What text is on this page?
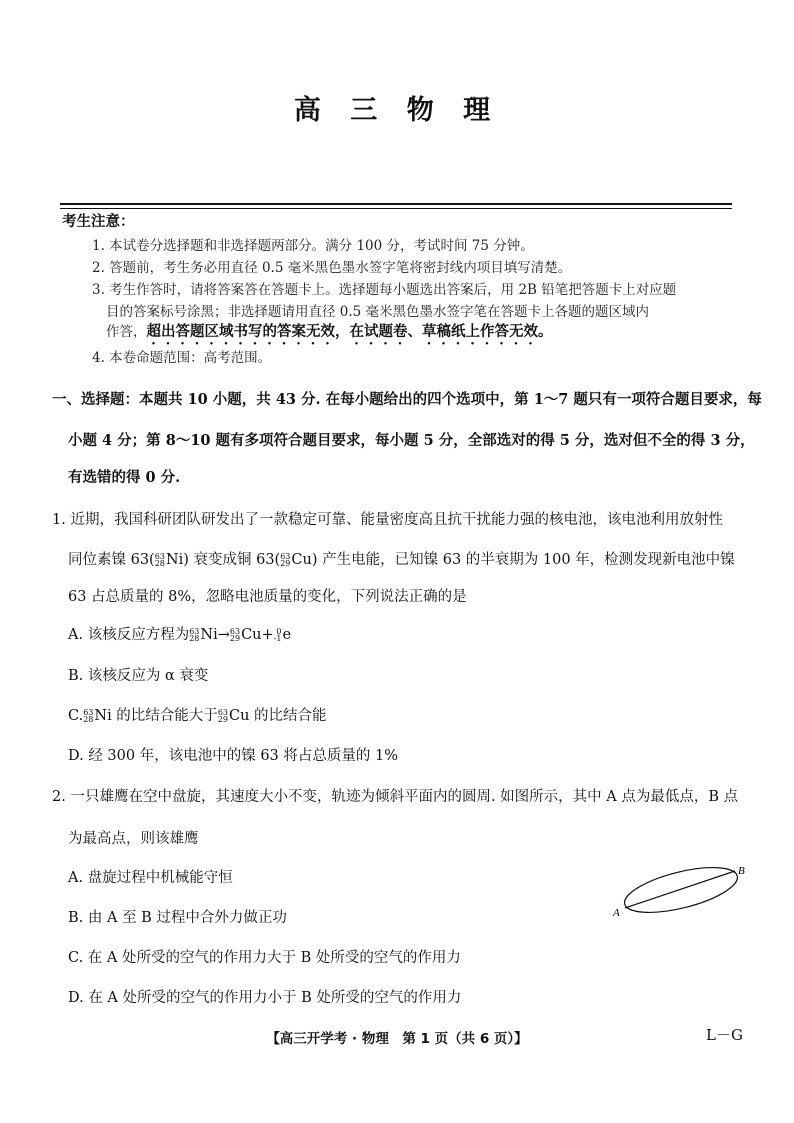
高 三 物 理
考生注意：
1. 本试卷分选择题和非选择题两部分。满分 100 分，考试时间 75 分钟。
2. 答题前，考生务必用直径 0.5 毫米黑色墨水签字笔将密封线内项目填写清楚。
3. 考生作答时，请将答案答在答题卡上。选择题每小题选出答案后，用 2B 铅笔把答题卡上对应题
目的答案标号涂黑；非选择题请用直径 0.5 毫米黑色墨水签字笔在答题卡上各题的题区域内
作答，超出答题区域书写的答案无效，在试题卷、草稿纸上作答无效。
4. 本卷命题范围：高考范围。
一、选择题：本题共 10 小题，共 43 分. 在每小题给出的四个选项中，第 1～7 题只有一项符合题目要求，每
小题 4 分；第 8～10 题有多项符合题目要求，每小题 5 分，全部选对的得 5 分，选对但不全的得 3 分，
有选错的得 0 分.
1. 近期，我国科研团队研发出了一款稳定可靠、能量密度高且抗干扰能力强的核电池，该电池利用放射性
同位素镍 63( 63
28 Ni) 衰变成铜 63( 63
29 Cu) 产生电能，已知镍 63 的半衰期为 100 年，检测发现新电池中镍
63 占总质量的 8%，忽略电池质量的变化，下列说法正确的是
A. 该核反应方程为 63
28 Ni→ 63
29 Cu+ 0
-1 e
B. 该核反应为 α 衰变
C. 63
28 Ni 的比结合能大于 63
29 Cu 的比结合能
D. 经 300 年，该电池中的镍 63 将占总质量的 1%
2. 一只雄鹰在空中盘旋，其速度大小不变，轨迹为倾斜平面内的圆周. 如图所示，其中 A 点为最低点，B 点
为最高点，则该雄鹰
A. 盘旋过程中机械能守恒
B. 由 A 至 B 过程中合外力做正功
C. 在 A 处所受的空气的作用力大于 B 处所受的空气的作用力
D. 在 A 处所受的空气的作用力小于 B 处所受的空气的作用力
A
B
【高三开学考 · 物理　第 1 页（共 6 页）】	L－G
